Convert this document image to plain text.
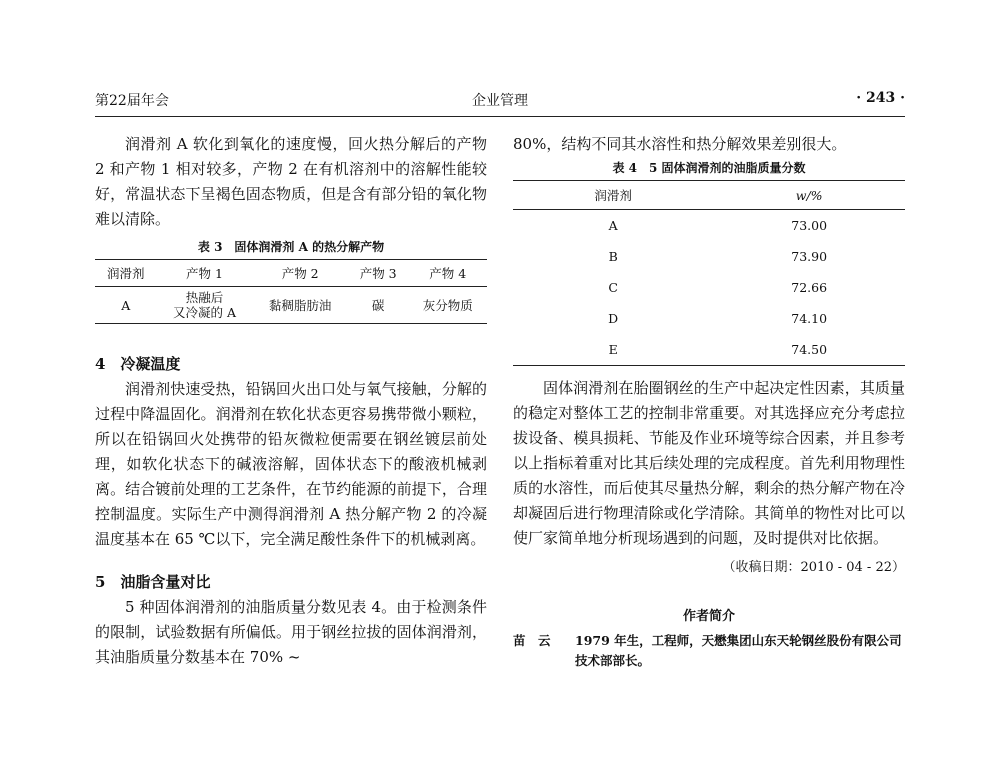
第22届年会	企业管理	· 243 ·

润滑剂 A 软化到氧化的速度慢，回火热分解后的产物 2 和产物 1 相对较多，产物 2 在有机溶剂中的溶解性能较好，常温状态下呈褐色固态物质，但是含有部分铅的氧化物难以清除。

表 3　固体润滑剂 A 的热分解产物
润滑剂	产物 1	产物 2	产物 3	产物 4
A	热融后
又冷凝的 A	黏稠脂肪油	碳	灰分物质
4　冷凝温度

润滑剂快速受热，铅锅回火出口处与氧气接触，分解的过程中降温固化。润滑剂在软化状态更容易携带微小颗粒，所以在铅锅回火处携带的铅灰微粒便需要在钢丝镀层前处理，如软化状态下的碱液溶解，固体状态下的酸液机械剥离。结合镀前处理的工艺条件，在节约能源的前提下，合理控制温度。实际生产中测得润滑剂 A 热分解产物 2 的冷凝温度基本在 65 ℃以下，完全满足酸性条件下的机械剥离。

5　油脂含量对比

5 种固体润滑剂的油脂质量分数见表 4。由于检测条件的限制，试验数据有所偏低。用于钢丝拉拔的固体润滑剂，其油脂质量分数基本在 70% ~

80%，结构不同其水溶性和热分解效果差别很大。

表 4　5 固体润滑剂的油脂质量分数
润滑剂	w/%
A	73.00
B	73.90
C	72.66
D	74.10
E	74.50

固体润滑剂在胎圈钢丝的生产中起决定性因素，其质量的稳定对整体工艺的控制非常重要。对其选择应充分考虑拉拔设备、模具损耗、节能及作业环境等综合因素，并且参考以上指标着重对比其后续处理的完成程度。首先利用物理性质的水溶性，而后使其尽量热分解，剩余的热分解产物在冷却凝固后进行物理清除或化学清除。其简单的物性对比可以使厂家简单地分析现场遇到的问题，及时提供对比依据。

（收稿日期：2010 - 04 - 22）
作者简介
苗　云	1979 年生，工程师，天懋集团山东天轮钢丝股份有限公司技术部部长。
